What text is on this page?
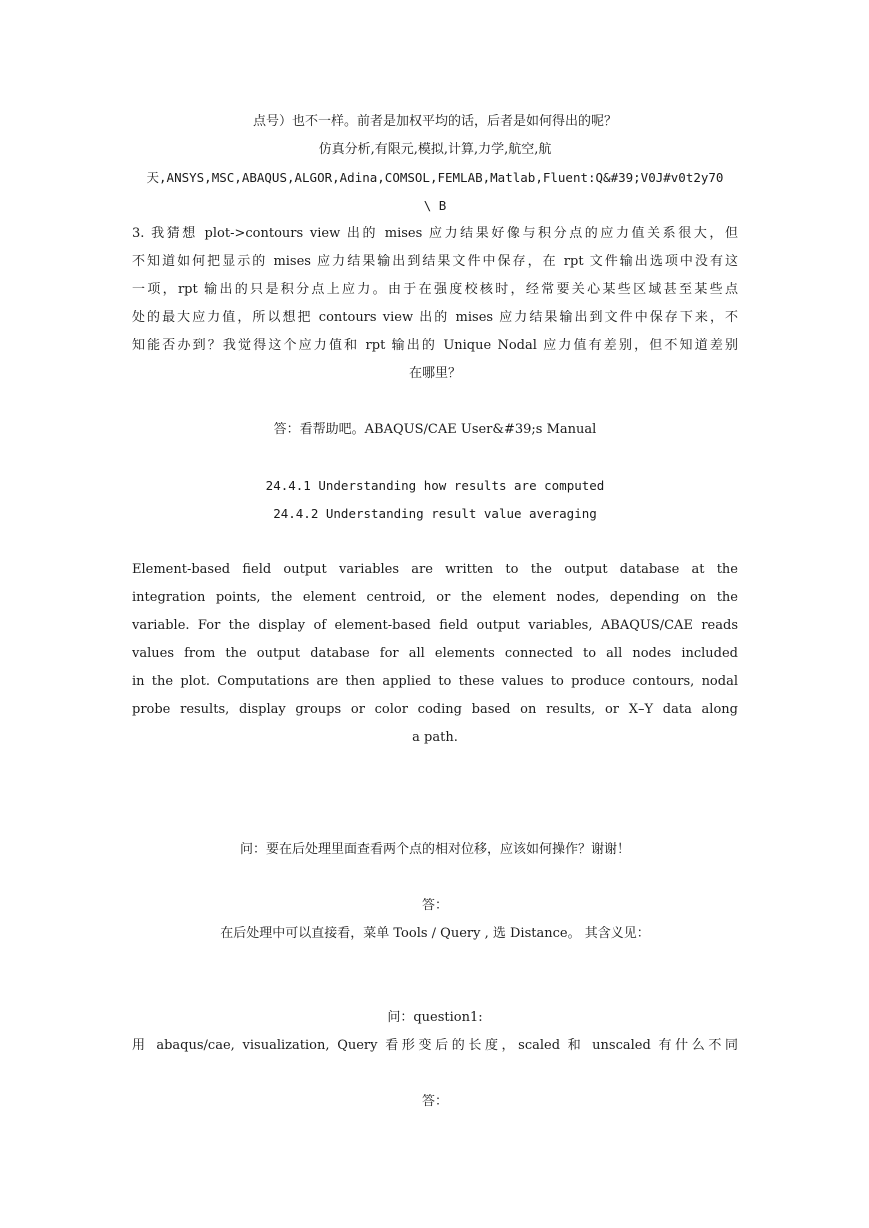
点号）也不一样。前者是加权平均的话，后者是如何得出的呢？
仿真分析,有限元,模拟,计算,力学,航空,航
天,ANSYS,MSC,ABAQUS,ALGOR,Adina,COMSOL,FEMLAB,Matlab,Fluent:Q&#39;V0J#v0t2y70
\ B
3. 我猜想 plot->contours view 出的 mises 应力结果好像与积分点的应力值关系很大，但
不知道如何把显示的 mises 应力结果输出到结果文件中保存，在 rpt 文件输出选项中没有这
一项，rpt 输出的只是积分点上应力。由于在强度校核时，经常要关心某些区域甚至某些点
处的最大应力值，所以想把 contours view 出的 mises 应力结果输出到文件中保存下来，不
知能否办到？我觉得这个应力值和 rpt 输出的 Unique Nodal 应力值有差别，但不知道差别
在哪里？
答：看帮助吧。ABAQUS/CAE User&#39;s Manual
24.4.1 Understanding how results are computed
24.4.2 Understanding result value averaging
Element-based field output variables are written to the output database at the
integration points, the element centroid, or the element nodes, depending on the
variable. For the display of element-based field output variables, ABAQUS/CAE reads
values from the output database for all elements connected to all nodes included
in the plot. Computations are then applied to these values to produce contours, nodal
probe results, display groups or color coding based on results, or X–Y data along
a path.
问：要在后处理里面查看两个点的相对位移，应该如何操作？谢谢！
答：
在后处理中可以直接看，菜单 Tools / Query , 选 Distance。 其含义见：
问：question1:
用 abaqus/cae, visualization, Query 看形变后的长度，scaled 和 unscaled 有什么不同
答：
